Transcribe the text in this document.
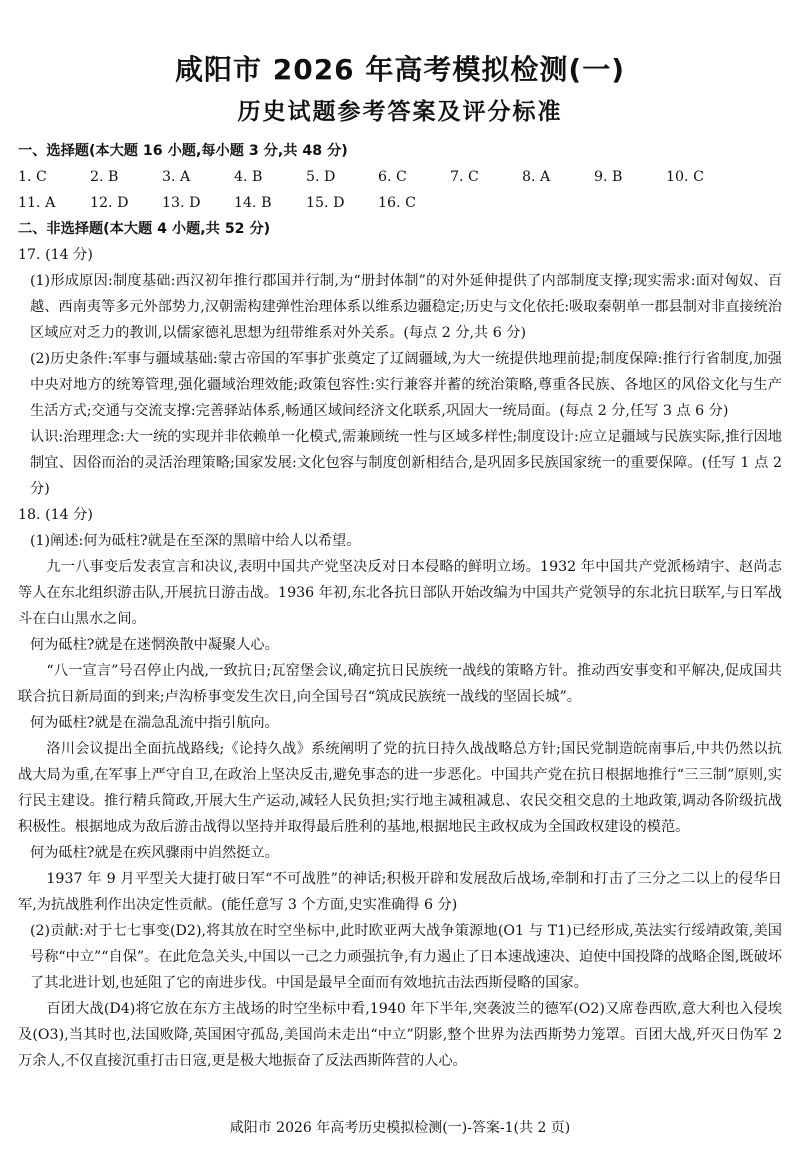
咸阳市 2026 年高考模拟检测(一)
历史试题参考答案及评分标准
一、选择题(本大题 16 小题,每小题 3 分,共 48 分)
1. C	2. B	3. A	4. B	5. D	6. C	7. C	8. A	9. B	10. C
11. A	12. D	13. D	14. B	15. D	16. C
二、非选择题(本大题 4 小题,共 52 分)
17. (14 分)

(1)形成原因:制度基础:西汉初年推行郡国并行制,为“册封体制”的对外延伸提供了内部制度支撑;现实需求:面对匈奴、百越、西南夷等多元外部势力,汉朝需构建弹性治理体系以维系边疆稳定;历史与文化依托:吸取秦朝单一郡县制对非直接统治区域应对乏力的教训,以儒家德礼思想为纽带维系对外关系。(每点 2 分,共 6 分)

(2)历史条件:军事与疆域基础:蒙古帝国的军事扩张奠定了辽阔疆域,为大一统提供地理前提;制度保障:推行行省制度,加强中央对地方的统筹管理,强化疆域治理效能;政策包容性:实行兼容并蓄的统治策略,尊重各民族、各地区的风俗文化与生产生活方式;交通与交流支撑:完善驿站体系,畅通区域间经济文化联系,巩固大一统局面。(每点 2 分,任写 3 点 6 分)

认识:治理理念:大一统的实现并非依赖单一化模式,需兼顾统一性与区域多样性;制度设计:应立足疆域与民族实际,推行因地制宜、因俗而治的灵活治理策略;国家发展:文化包容与制度创新相结合,是巩固多民族国家统一的重要保障。(任写 1 点 2 分)

18. (14 分)

(1)阐述:何为砥柱?就是在至深的黑暗中给人以希望。

九一八事变后发表宣言和决议,表明中国共产党坚决反对日本侵略的鲜明立场。1932 年中国共产党派杨靖宇、赵尚志等人在东北组织游击队,开展抗日游击战。1936 年初,东北各抗日部队开始改编为中国共产党领导的东北抗日联军,与日军战斗在白山黑水之间。

何为砥柱?就是在迷惘涣散中凝聚人心。

“八一宣言”号召停止内战,一致抗日;瓦窑堡会议,确定抗日民族统一战线的策略方针。推动西安事变和平解决,促成国共联合抗日新局面的到来;卢沟桥事变发生次日,向全国号召“筑成民族统一战线的坚固长城”。

何为砥柱?就是在湍急乱流中指引航向。

洛川会议提出全面抗战路线;《论持久战》系统阐明了党的抗日持久战战略总方针;国民党制造皖南事后,中共仍然以抗战大局为重,在军事上严守自卫,在政治上坚决反击,避免事态的进一步恶化。中国共产党在抗日根据地推行“三三制”原则,实行民主建设。推行精兵简政,开展大生产运动,减轻人民负担;实行地主减租减息、农民交租交息的土地政策,调动各阶级抗战积极性。根据地成为敌后游击战得以坚持并取得最后胜利的基地,根据地民主政权成为全国政权建设的模范。

何为砥柱?就是在疾风骤雨中岿然挺立。

1937 年 9 月平型关大捷打破日军“不可战胜”的神话;积极开辟和发展敌后战场,牵制和打击了三分之二以上的侵华日军,为抗战胜利作出决定性贡献。(能任意写 3 个方面,史实准确得 6 分)

(2)贡献:对于七七事变(D2),将其放在时空坐标中,此时欧亚两大战争策源地(O1 与 T1)已经形成,英法实行绥靖政策,美国号称“中立”“自保”。在此危急关头,中国以一己之力顽强抗争,有力遏止了日本速战速决、迫使中国投降的战略企图,既破坏了其北进计划,也延阻了它的南进步伐。中国是最早全面而有效地抗击法西斯侵略的国家。

百团大战(D4)将它放在东方主战场的时空坐标中看,1940 年下半年,突袭波兰的德军(O2)又席卷西欧,意大利也入侵埃及(O3),当其时也,法国败降,英国困守孤岛,美国尚未走出“中立”阴影,整个世界为法西斯势力笼罩。百团大战,歼灭日伪军 2 万余人,不仅直接沉重打击日寇,更是极大地振奋了反法西斯阵营的人心。

咸阳市 2026 年高考历史模拟检测(一)-答案-1(共 2 页)
